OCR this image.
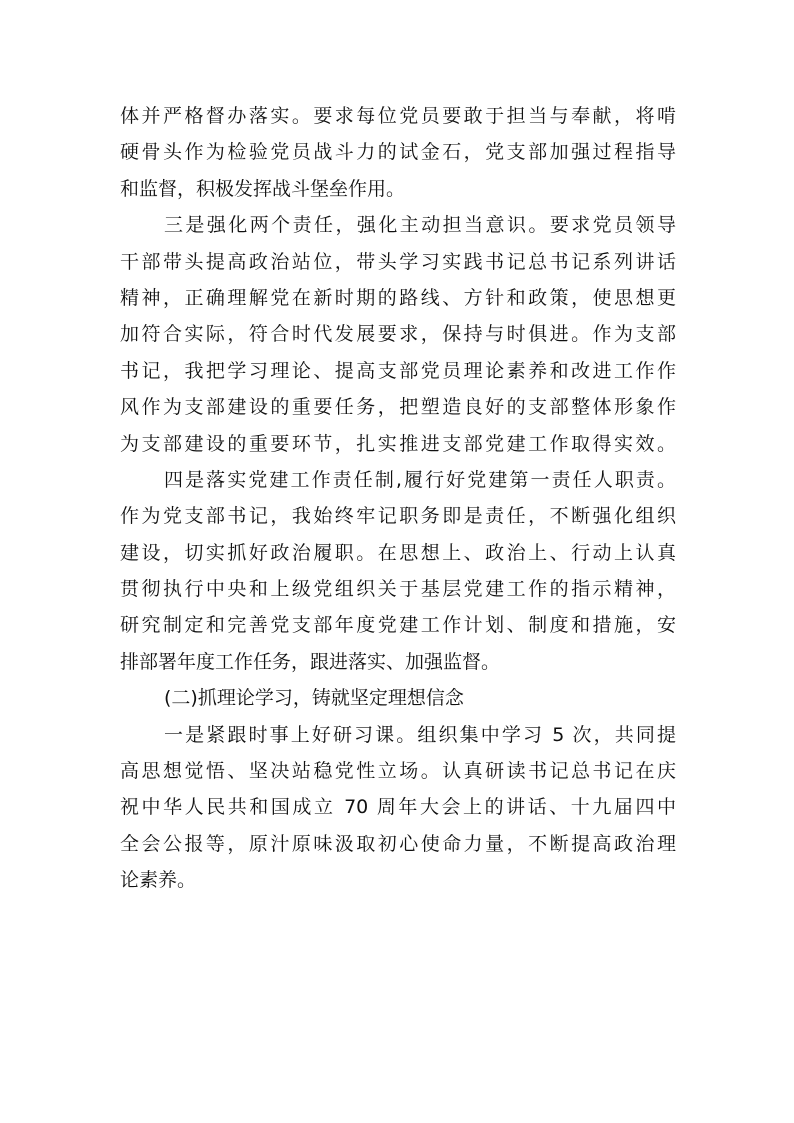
体并严格督办落实。要求每位党员要敢于担当与奉献，将啃
硬骨头作为检验党员战斗力的试金石，党支部加强过程指导
和监督，积极发挥战斗堡垒作用。
三是强化两个责任，强化主动担当意识。要求党员领导
干部带头提高政治站位，带头学习实践书记总书记系列讲话
精神，正确理解党在新时期的路线、方针和政策，使思想更
加符合实际，符合时代发展要求，保持与时俱进。作为支部
书记，我把学习理论、提高支部党员理论素养和改进工作作
风作为支部建设的重要任务，把塑造良好的支部整体形象作
为支部建设的重要环节，扎实推进支部党建工作取得实效。
四是落实党建工作责任制,履行好党建第一责任人职责。
作为党支部书记，我始终牢记职务即是责任，不断强化组织
建设，切实抓好政治履职。在思想上、政治上、行动上认真
贯彻执行中央和上级党组织关于基层党建工作的指示精神，
研究制定和完善党支部年度党建工作计划、制度和措施，安
排部署年度工作任务，跟进落实、加强监督。
(二)抓理论学习，铸就坚定理想信念
一是紧跟时事上好研习课。组织集中学习 5 次，共同提
高思想觉悟、坚决站稳党性立场。认真研读书记总书记在庆
祝中华人民共和国成立 70 周年大会上的讲话、十九届四中
全会公报等，原汁原味汲取初心使命力量，不断提高政治理
论素养。
